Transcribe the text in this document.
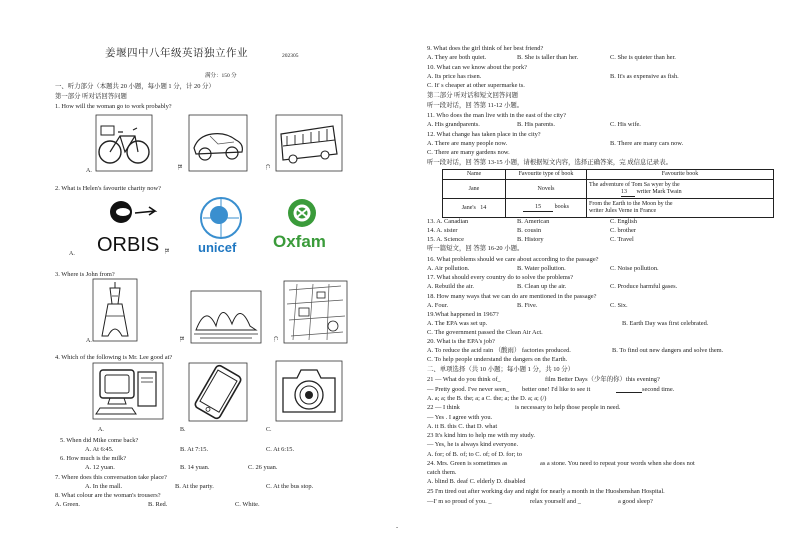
姜堰四中八年级英语独立作业	202305
满分：150 分
一、听力部分（本题共 20 小题，每小题 1 分，计 20 分）
第一部分 听对话回答问题
1. How will the woman go to work probably?
A.
B.	C.
2. What is Helen's favourite charity now?
ORBIS	unicef
A.	B.	Oxfam
3. Where is John from?
A.	B.	C.
4. Which of the following is Mr. Lee good at?
A.	B.	C.
5. When did Mike come back?
A. At 6:45.	B. At 7:15.	C. At 6:15.
6. How much is the milk?
A. 12 yuan.	B. 14 yuan.	C. 26 yuan.
7. Where does this conversation take place?
A. In the mall.	B. At the party.	C. At the bus stop.
8. What colour are the woman's trousers?
A. Green.	B. Red.	C. White.
9. What does the girl think of her best friend?
A. They are both quiet.	B. She is taller than her.	C. She is quieter than her.
10. What can we know about the pork?
A. Its price has risen.	B. It's as expensive as fish.
C. It' s cheaper at other supermarke ts.
第二部分 听对话和短文回答问题
听一段对话，回 答第 11-12 小题。
11. Who does the man live with in the east of the city?
A. His grandparents.	B. His parents.	C. His wife.
12. What change has taken place in the city?
A. There are many people now.	B. There are many cars now.
C. There are many gardens now.
听一段对话，回 答第 13-15 小题，请根据短文内容，选择正确答案，完 成信息记录表。
Name	Favourite type of book	Favourite book
Jane	Novels	The adventure of Tom Sa wyer by the
13 writer Mark Twain

Jane's 14	15 books	From the Earth to the Moon by the
writer Jules Verne in France
13. A. Canadian	B. American	C. English
14. A. sister	B. cousin	C. brother
15. A. Science	B. History	C. Travel
听一篇短文，回 答第 16-20 小题。
16. What problems should we care about according to the passage?
A. Air pollution.	B. Water pollution.	C. Noise pollution.
17. What should every country do to solve the problems?
A. Rebuild the air.	B. Clean up the air.	C. Produce harmful gases.
18. How many ways that we can do are mentioned in the passage?
A. Four.	B. Five.	C. Six.
19.What happened in 1967?
A. The EPA was set up.	B. Earth Day was first celebrated.
C. The government passed the Clean Air Act.
20. What is the EPA's job?
A. To reduce the acid rain （酸雨） factories produced.	B. To find out new dangers and solve them.
C. To help people understand the dangers on the Earth.
二、单项选择（共 10 小题；每小题 1 分，共 10 分）
21 — What do you think of_	film Better Days（少年的你）this evening?
— Pretty good. I've never seen_ better one! I'd like to see it	second time.
A. a; a; the B. the; a; a C. the; a; the D. a; a; (/)
22 — I think	is necessary to help those people in need.
— Yes . I agree with you.
A. it B. this C. that D. what
23 It's kind him to help me with my study.
— Yes, he is always kind everyone.
A. for; of B. of; to C. of; of D. for; to
24. Mrs. Green is sometimes as	as a stone. You need to repeat your words when she does not
catch them.
A. blind B. deaf C. elderly D. disabled
25 I'm tired out after working day and night for nearly a month in the Huoshenshan Hospital.
—I' m so proud of you. _	relax yourself and _	a good sleep?
-
